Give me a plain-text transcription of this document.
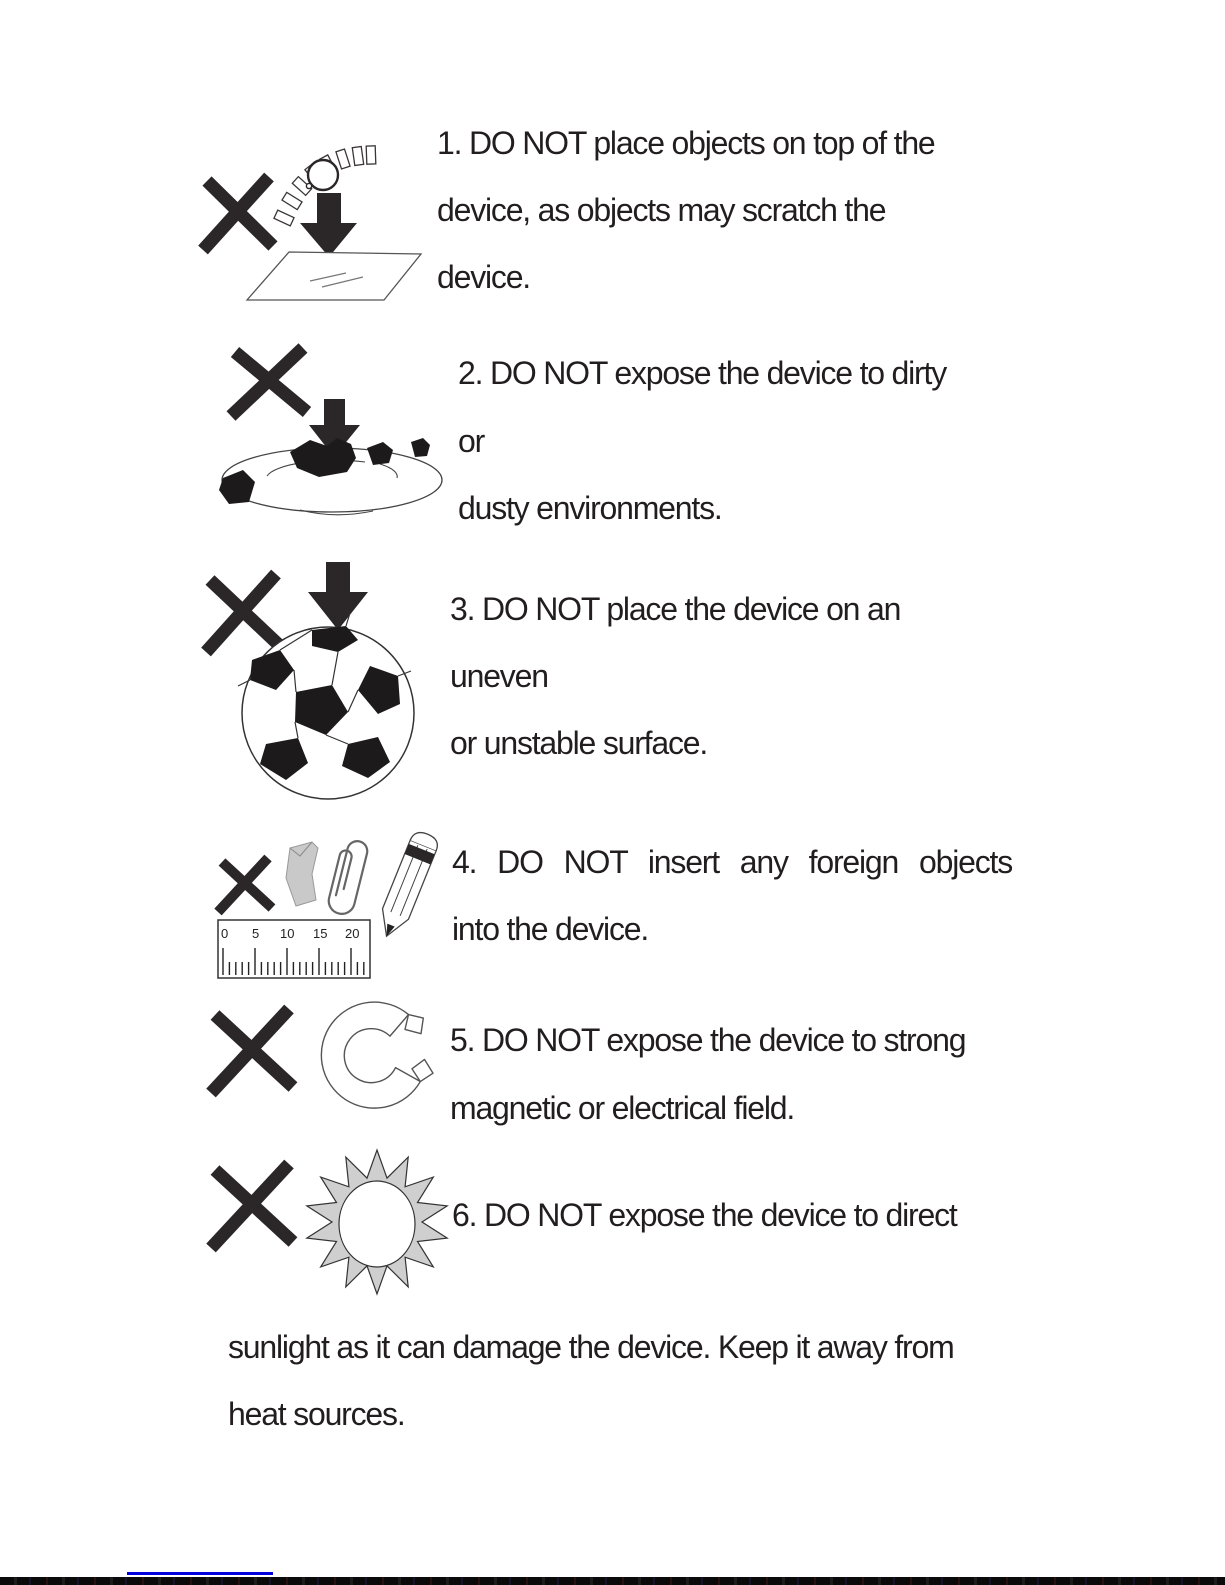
1. DO NOT place objects on top of the
device, as objects may scratch the
device.
2. DO NOT expose the device to dirty
or
dusty environments.
3. DO NOT place the device on an
uneven
or unstable surface.
0 5 10 15 20
4. DO NOT insert any foreign objects
into the device.
5. DO NOT expose the device to strong
magnetic or electrical field.
6. DO NOT expose the device to direct
sunlight as it can damage the device. Keep it away from
heat sources.
